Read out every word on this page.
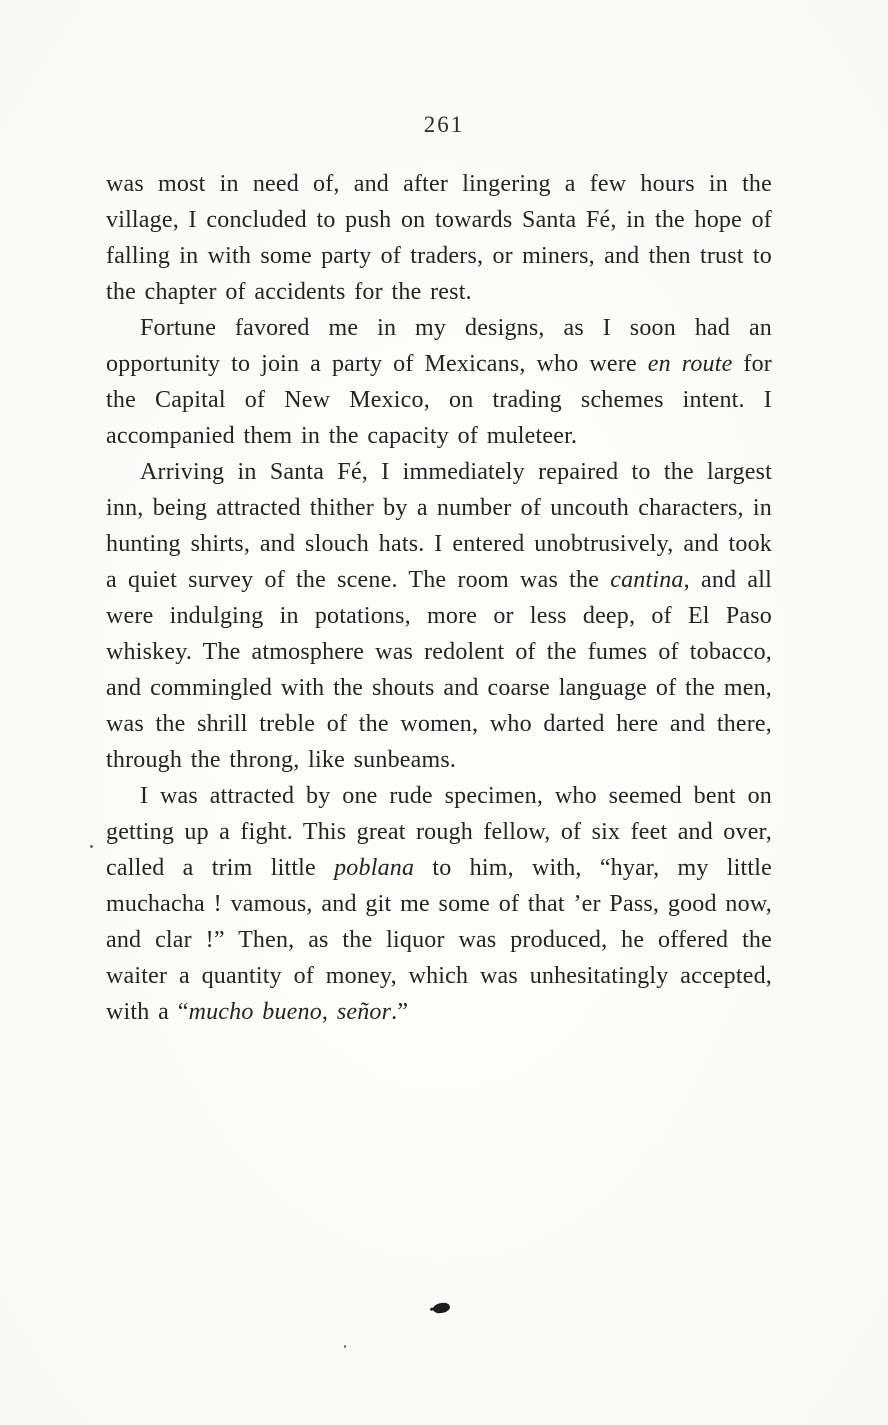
261

was most in need of, and after lingering a few hours in the village, I concluded to push on towards Santa Fé, in the hope of falling in with some party of traders, or miners, and then trust to the chapter of accidents for the rest.

Fortune favored me in my designs, as I soon had an opportunity to join a party of Mexicans, who were en route for the Capital of New Mexico, on trading schemes intent. I accompanied them in the capacity of muleteer.

Arriving in Santa Fé, I immediately repaired to the largest inn, being attracted thither by a number of uncouth characters, in hunting shirts, and slouch hats. I entered unobtrusively, and took a quiet survey of the scene. The room was the cantina, and all were indulging in potations, more or less deep, of El Paso whiskey. The atmosphere was redolent of the fumes of tobacco, and commingled with the shouts and coarse language of the men, was the shrill treble of the women, who darted here and there, through the throng, like sunbeams.

I was attracted by one rude specimen, who seemed bent on getting up a fight. This great rough fellow, of six feet and over, called a trim little poblana to him, with, “hyar, my little muchacha ! vamous, and git me some of that ’er Pass, good now, and clar !” Then, as the liquor was produced, he offered the waiter a quantity of money, which was unhesitatingly accepted, with a “mucho bueno, señor.”
